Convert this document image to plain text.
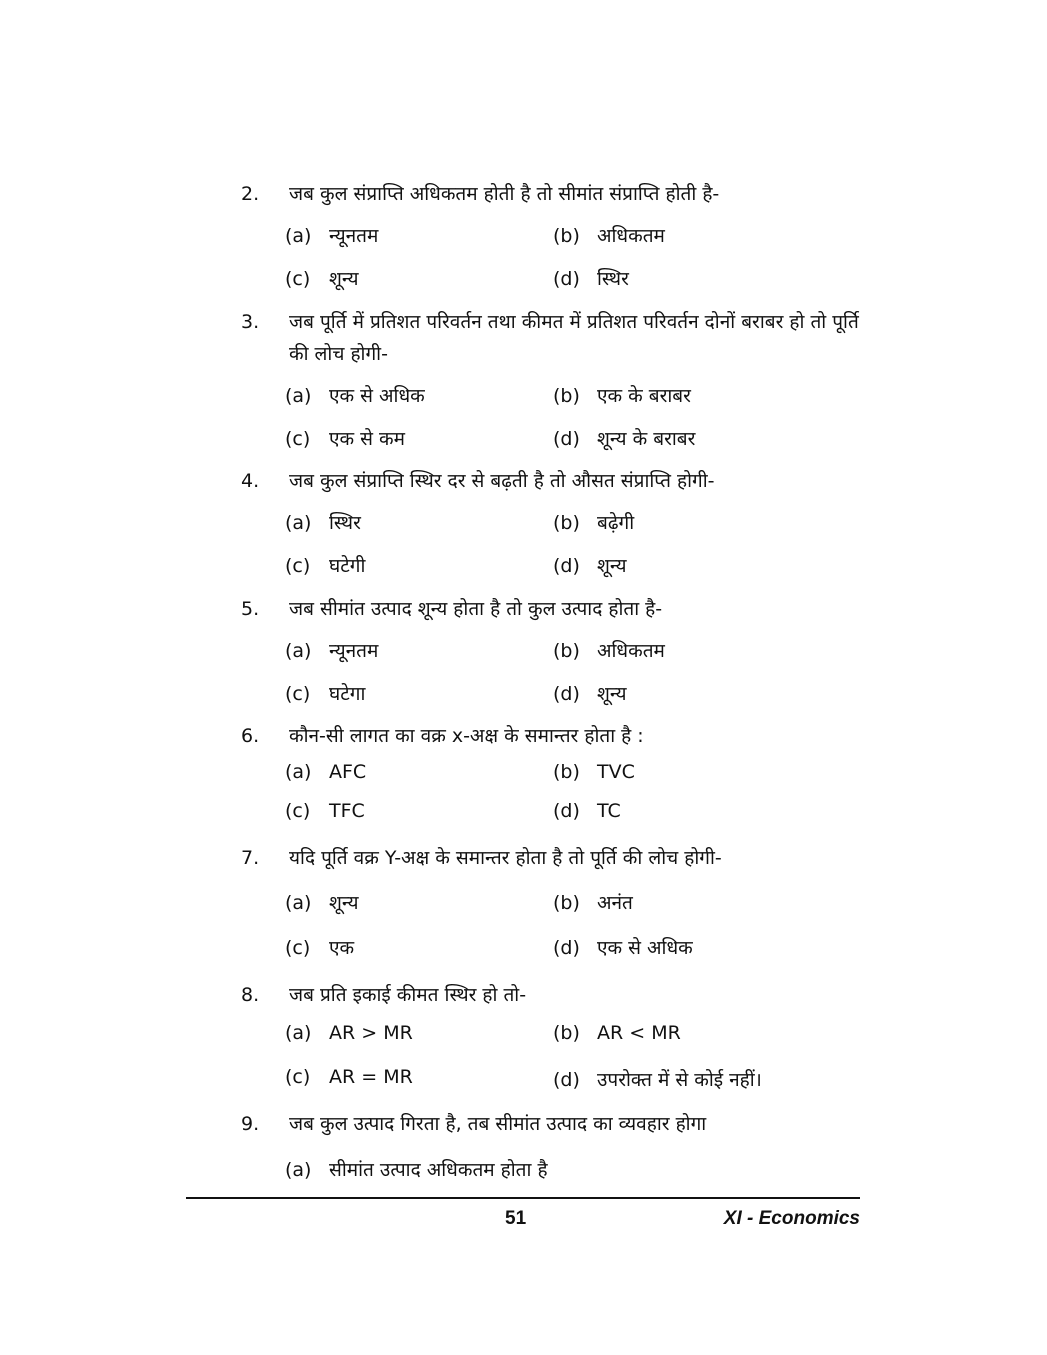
2.	जब कुल संप्राप्ति अधिकतम होती है तो सीमांत संप्राप्ति होती है-
(a) न्यूनतम	(b) अधिकतम
(c) शून्य	(d) स्थिर
3.	जब पूर्ति में प्रतिशत परिवर्तन तथा कीमत में प्रतिशत परिवर्तन दोनों बराबर हो तो पूर्ति की लोच होगी-
(a) एक से अधिक	(b) एक के बराबर
(c) एक से कम	(d) शून्य के बराबर
4.	जब कुल संप्राप्ति स्थिर दर से बढ़ती है तो औसत संप्राप्ति होगी-
(a) स्थिर	(b) बढ़ेगी
(c) घटेगी	(d) शून्य
5.	जब सीमांत उत्पाद शून्य होता है तो कुल उत्पाद होता है-
(a) न्यूनतम	(b) अधिकतम
(c) घटेगा	(d) शून्य
6.	कौन-सी लागत का वक्र x-अक्ष के समान्तर होता है :
(a) AFC	(b) TVC
(c) TFC	(d) TC
7.	यदि पूर्ति वक्र Y-अक्ष के समान्तर होता है तो पूर्ति की लोच होगी-
(a) शून्य	(b) अनंत
(c) एक	(d) एक से अधिक
8.	जब प्रति इकाई कीमत स्थिर हो तो-
(a) AR > MR	(b) AR < MR
(c) AR = MR	(d) उपरोक्त में से कोई नहीं।
9.	जब कुल उत्पाद गिरता है, तब सीमांत उत्पाद का व्यवहार होगा
(a) सीमांत उत्पाद अधिकतम होता है
51	XI - Economics
